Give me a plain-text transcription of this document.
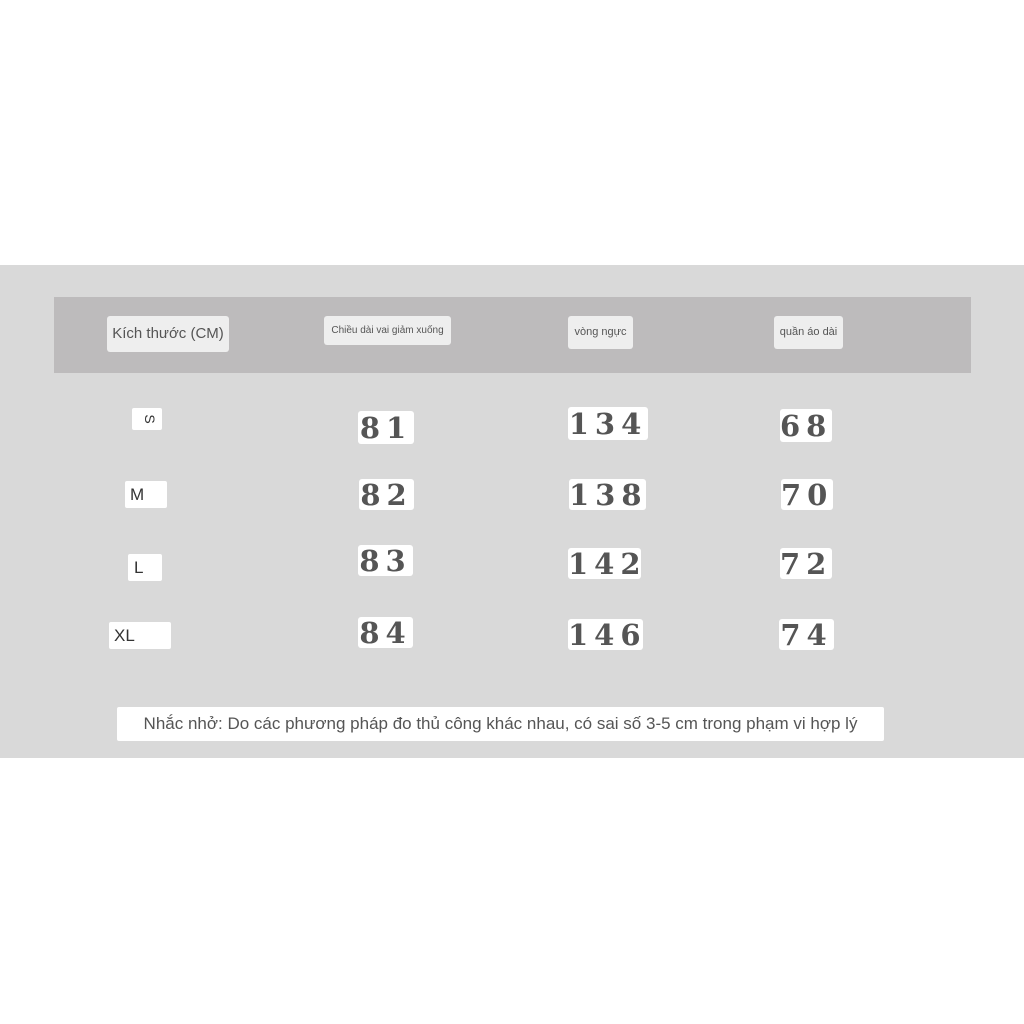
Kích thước (CM)	Chiều dài vai giảm xuống	vòng ngực	quần áo dài
S	81	134	68
M	82	138	70
L	83	142	72
XL	84	146	74
Nhắc nhở: Do các phương pháp đo thủ công khác nhau, có sai số 3-5 cm trong phạm vi hợp lý
